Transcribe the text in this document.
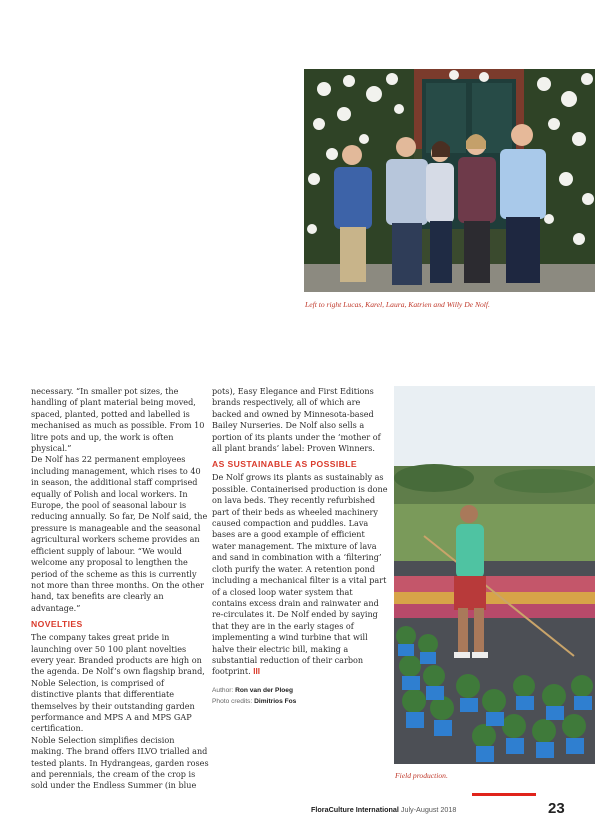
Left to right Lucas, Karel, Laura, Katrien and Willy De Nolf.

necessary. “In smaller pot sizes, the handling of plant material being moved, spaced, planted, potted and labelled is mechanised as much as possible. From 10 litre pots and up, the work is often physical.”

De Nolf has 22 permanent employees including management, which rises to 40 in season, the additional staff comprised equally of Polish and local workers. In Europe, the pool of seasonal labour is reducing annually. So far, De Nolf said, the pressure is manageable and the seasonal agricultural workers scheme provides an efficient supply of labour. “We would welcome any proposal to lengthen the period of the scheme as this is currently not more than three months. On the other hand, tax benefits are clearly an advantage.”

NOVELTIES

The company takes great pride in launching over 50 100 plant novelties every year. Branded products are high on the agenda. De Nolf’s own flagship brand, Noble Selection, is comprised of distinctive plants that differentiate themselves by their outstanding garden performance and MPS A and MPS GAP certification.

Noble Selection simplifies decision making. The brand offers ILVO trialled and tested plants. In Hydrangeas, garden roses and perennials, the cream of the crop is sold under the Endless Summer (in blue

pots), Easy Elegance and First Editions brands respectively, all of which are backed and owned by Minnesota-based Bailey Nurseries. De Nolf also sells a portion of its plants under the ‘mother of all plant brands’ label: Proven Winners.

AS SUSTAINABLE AS POSSIBLE

De Nolf grows its plants as sustainably as possible. Containerised production is done on lava beds. They recently refurbished part of their beds as wheeled machinery caused compaction and puddles. Lava bases are a good example of efficient water management. The mixture of lava and sand in combination with a ‘filtering’ cloth purify the water. A retention pond including a mechanical filter is a vital part of a closed loop water system that contains excess drain and rainwater and re-circulates it. De Nolf ended by saying that they are in the early stages of implementing a wind turbine that will halve their electric bill, making a substantial reduction of their carbon footprint. III

Author: Ron van der Ploeg
Photo credits: Dimitrios Fos
Field production.
FloraCulture International July-August 2018	23
